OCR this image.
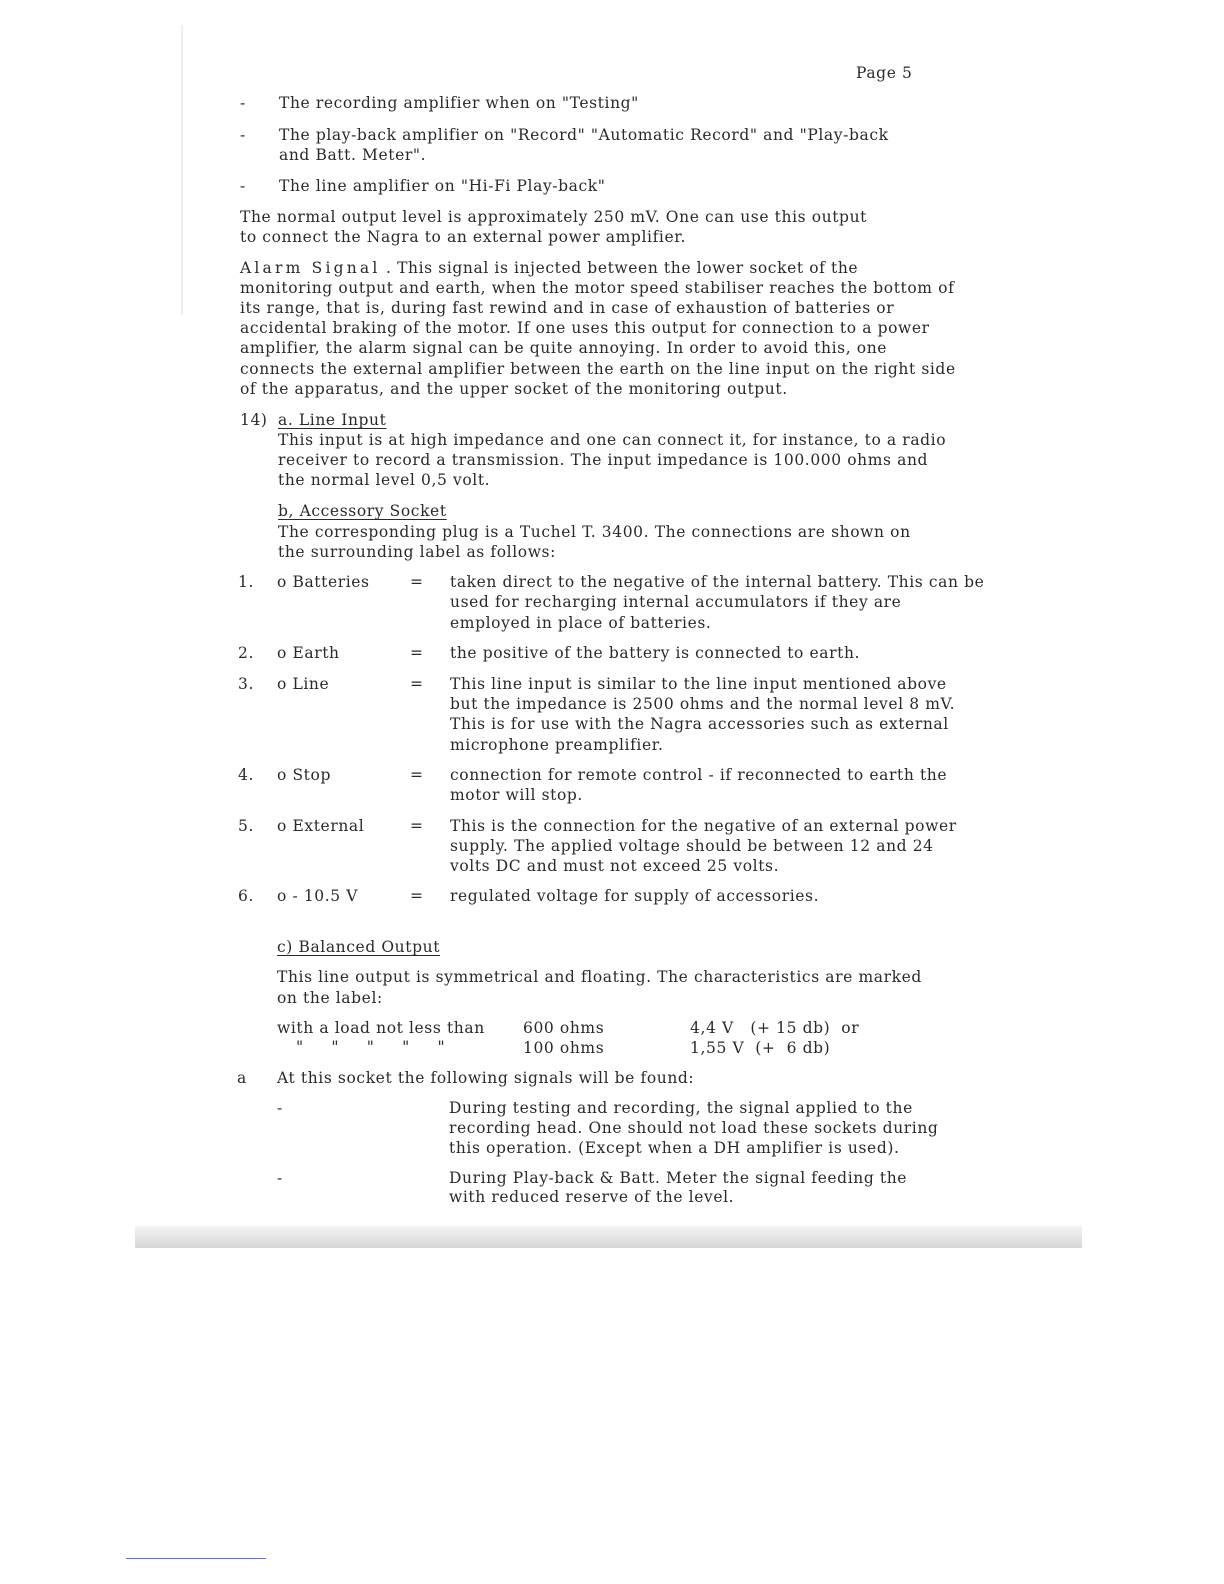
Page 5
- The recording amplifier when on "Testing"
- The play-back amplifier on "Record" "Automatic Record" and "Play-back
and Batt. Meter".
- The line amplifier on "Hi-Fi Play-back"
The normal output level is approximately 250 mV. One can use this output
to connect the Nagra to an external power amplifier.
Alarm Signal . This signal is injected between the lower socket of the
monitoring output and earth, when the motor speed stabiliser reaches the bottom of
its range, that is, during fast rewind and in case of exhaustion of batteries or
accidental braking of the motor. If one uses this output for connection to a power
amplifier, the alarm signal can be quite annoying. In order to avoid this, one
connects the external amplifier between the earth on the line input on the right side
of the apparatus, and the upper socket of the monitoring output.
14) a. Line Input
This input is at high impedance and one can connect it, for instance, to a radio
receiver to record a transmission. The input impedance is 100.000 ohms and
the normal level 0,5 volt.
b, Accessory Socket
The corresponding plug is a Tuchel T. 3400. The connections are shown on
the surrounding label as follows:
1. o Batteries	= taken direct to the negative of the internal battery. This can be
used for recharging internal accumulators if they are
employed in place of batteries.
2. o Earth	= the positive of the battery is connected to earth.
3. o Line	= This line input is similar to the line input mentioned above
but the impedance is 2500 ohms and the normal level 8 mV.
This is for use with the Nagra accessories such as external
microphone preamplifier.
4. o Stop	= connection for remote control - if reconnected to earth the
motor will stop.
5. o External	= This is the connection for the negative of an external power
supply. The applied voltage should be between 12 and 24
volts DC and must not exceed 25 volts.
6. o - 10.5 V	= regulated voltage for supply of accessories.
c) Balanced Output
This line output is symmetrical and floating. The characteristics are marked
on the label:
with a load not less than 600 ohms	4,4 V   (+ 15 db)  or
"     "     "     "     "	100 ohms	1,55 V  (+  6 db)
a At this socket the following signals will be found:
-	During testing and recording, the signal applied to the
recording head. One should not load these sockets during
this operation. (Except when a DH amplifier is used).
-	During Play-back & Batt. Meter the signal feeding the
with reduced reserve of the level.
